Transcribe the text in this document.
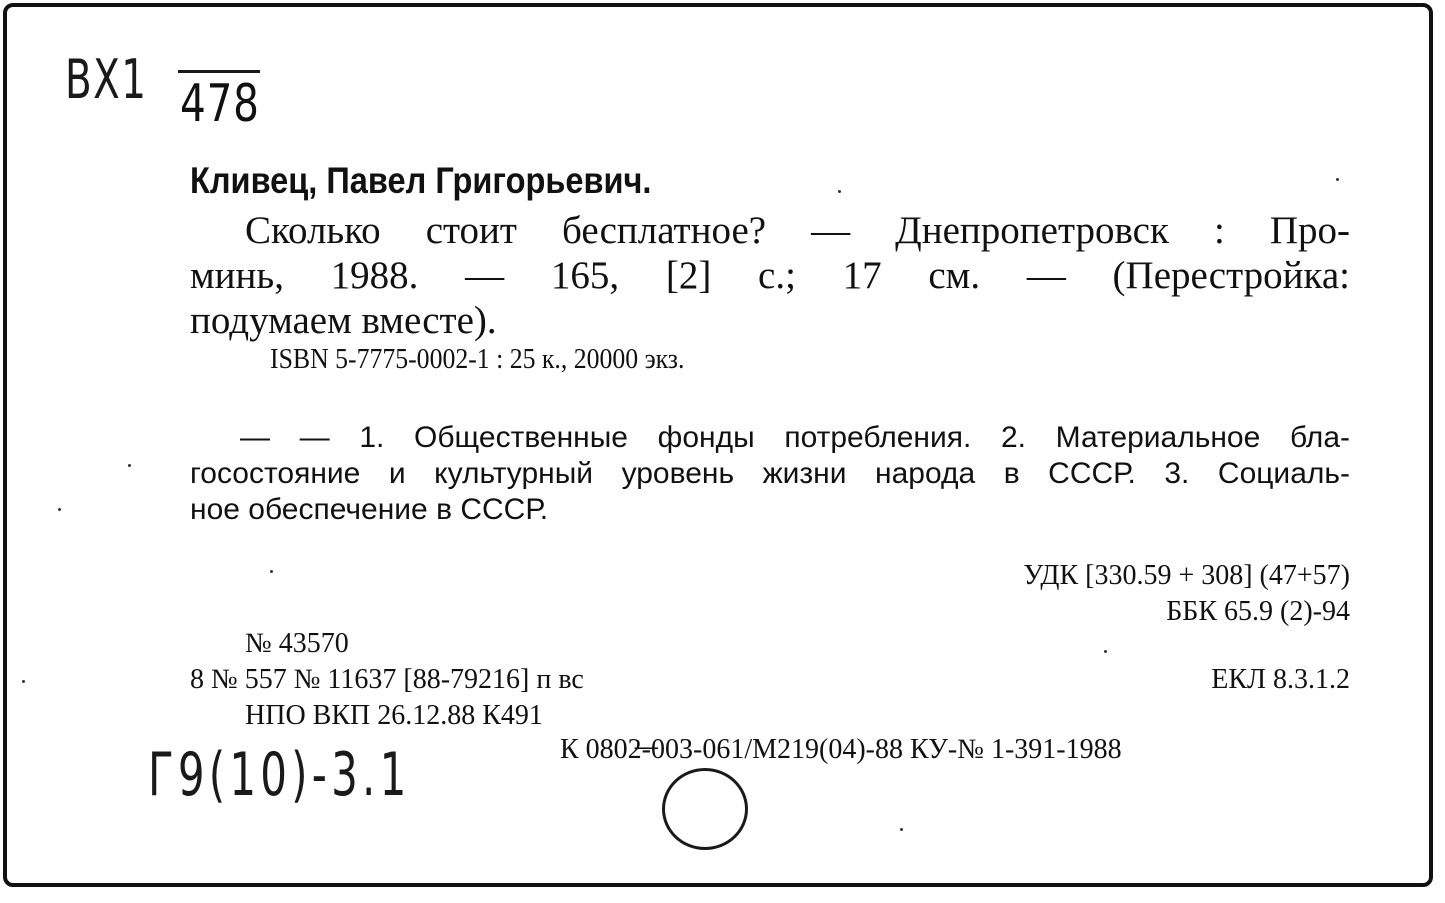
BX1 478
Кливец, Павел Григорьевич.
Сколько стоит бесплатное? — Днепропетровск : Про-
минь, 1988. — 165, [2] с.; 17 см. — (Перестройка:
подумаем вместе).
ISBN 5-7775-0002-1 : 25 к., 20000 экз.
— — 1. Общественные фонды потребления. 2. Материальное бла-
госостояние и культурный уровень жизни народа в СССР. 3. Социаль-
ное обеспечение в СССР.
УДК [330.59 + 308] (47+57)
ББК 65.9 (2)-94
ЕКЛ 8.3.1.2
№ 43570
8 № 557 № 11637 [88-79216] п вс
НПО ВКП 26.12.88 К491
К 0802̶-̶003-061/М219(04)-88 КУ-№ 1-391-1988
Г9(10)-3.1
